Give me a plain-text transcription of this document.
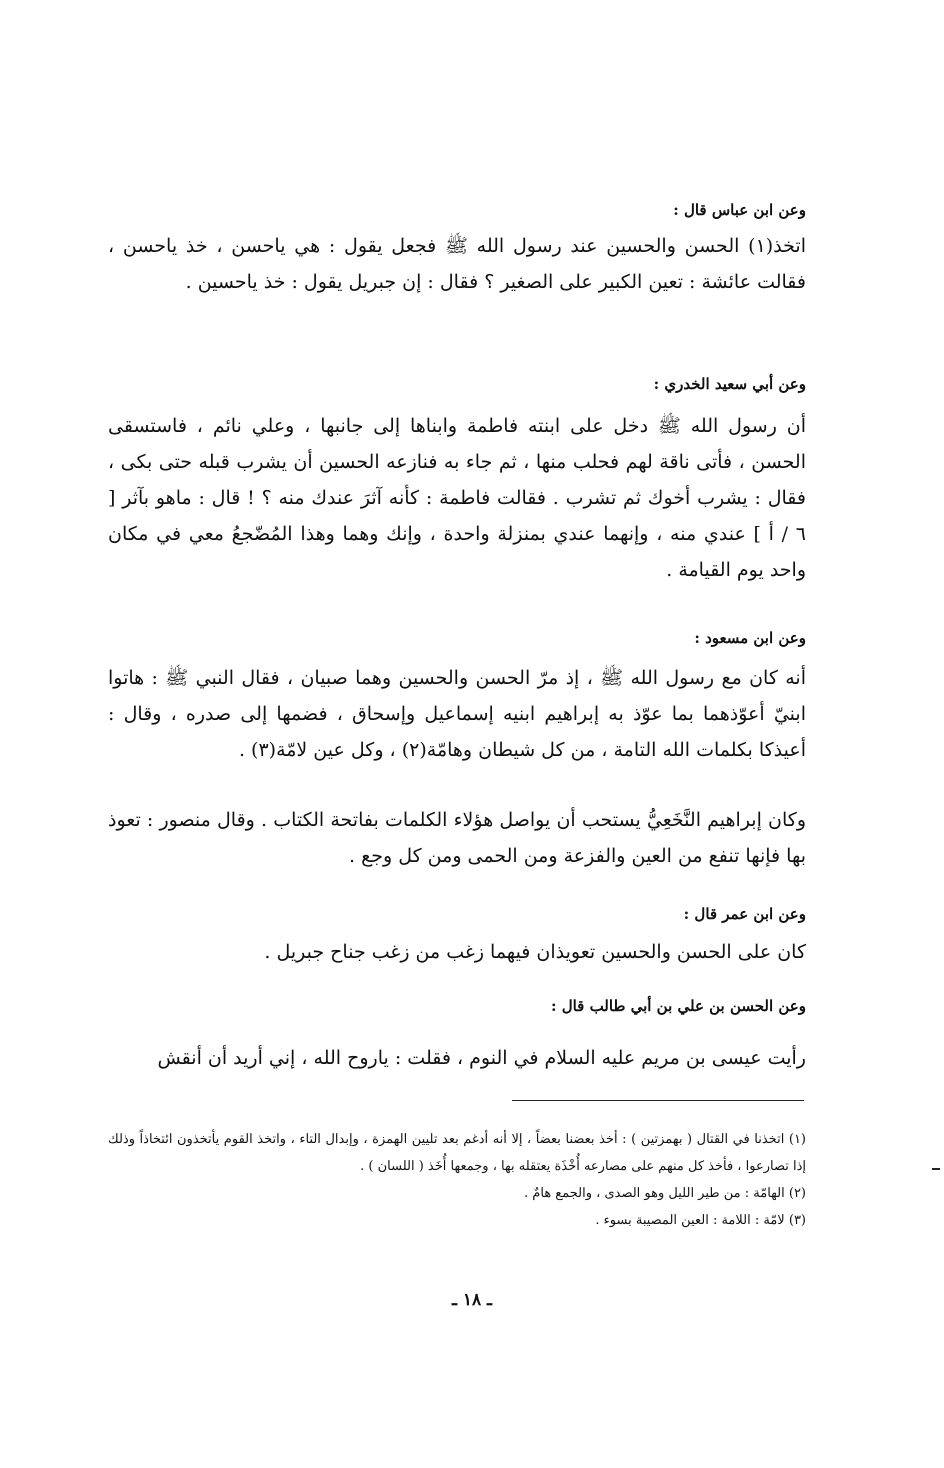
وعن ابن عباس قال :
اتخذ(١) الحسن والحسين عند رسول الله ﷺ فجعل يقول : هي ياحسن ، خذ ياحسن ، فقالت عائشة : تعين الكبير على الصغير ؟ فقال : إن جبريل يقول : خذ ياحسين .
وعن أبي سعيد الخدري :
أن رسول الله ﷺ دخل على ابنته فاطمة وابناها إلى جانبها ، وعلي نائم ، فاستسقى الحسن ، فأتى ناقة لهم فحلب منها ، ثم جاء به فنازعه الحسين أن يشرب قبله حتى بكى ، فقال : يشرب أخوك ثم تشرب . فقالت فاطمة : كأنه آثرَ عندك منه ؟ ! قال : ماهو بآثر [ ٦ / أ ] عندي منه ، وإنهما عندي بمنزلة واحدة ، وإنك وهما وهذا المُضّجعُ معي في مكان واحد يوم القيامة .
وعن ابن مسعود :
أنه كان مع رسول الله ﷺ ، إذ مرّ الحسن والحسين وهما صبيان ، فقال النبي ﷺ : هاتوا ابنيّ أعوّذهما بما عوّذ به إبراهيم ابنيه إسماعيل وإسحاق ، فضمها إلى صدره ، وقال : أعيذكا بكلمات الله التامة ، من كل شيطان وهامّة(٢) ، وكل عين لامّة(٣) .
وكان إبراهيم النَّخَعِيُّ يستحب أن يواصل هؤلاء الكلمات بفاتحة الكتاب . وقال منصور : تعوذ بها فإنها تنفع من العين والفزعة ومن الحمى ومن كل وجع .
وعن ابن عمر قال :
كان على الحسن والحسين تعويذان فيهما زغب من زغب جناح جبريل .
وعن الحسن بن علي بن أبي طالب قال :
رأيت عيسى بن مريم عليه السلام في النوم ، فقلت : ياروح الله ، إني أريد أن أنقش

(١) اتخذنا في القتال ( بهمزتين ) : أخذ بعضنا بعضاً ، إلا أنه أدغم بعد تليين الهمزة ، وإبدال التاء ، واتخذ القوم يأتخذون ائتخاذاً وذلك إذا تصارعوا ، فأخذ كل منهم على مصارعه أُخْذَة يعتقله بها ، وجمعها أُخَذ ( اللسان ) .

(٢) الهامّة : من طير الليل وهو الصدى ، والجمع هامٌ .

(٣) لامّة : اللامة : العين المصيبة بسوء .

ـ ١٨ ـ
